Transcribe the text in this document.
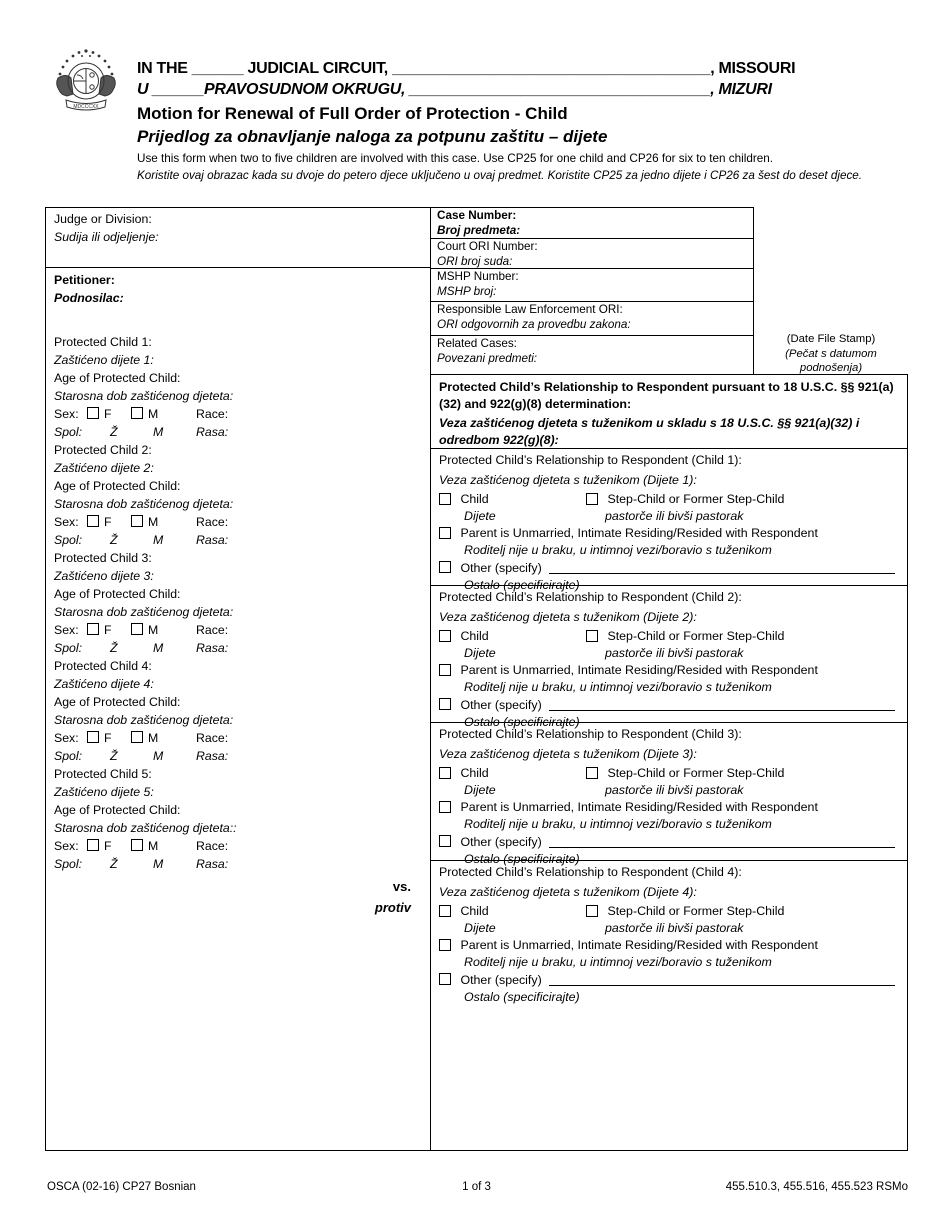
MDCCCXX
IN THE ______ JUDICIAL CIRCUIT, _____________________________________, MISSOURI
U ______PRAVOSUDNOM OKRUGU, ___________________________________, MIZURI
Motion for Renewal of Full Order of Protection - Child
Prijedlog za obnavljanje naloga za potpunu zaštitu – dijete
Use this form when two to five children are involved with this case. Use CP25 for one child and CP26 for six to ten children.
Koristite ovaj obrazac kada su dvoje do petero djece uključeno u ovaj predmet. Koristite CP25 za jedno dijete i CP26 za šest do deset djece.
Judge or Division:
Sudija ili odjeljenje:
Petitioner:
Podnosilac:
Protected Child 1:
Zaštićeno dijete 1:
Age of Protected Child:
Starosna dob zaštićenog djeteta:
Sex: F	M	Race:
Spol: Ž	M	Rasa:
Protected Child 2:
Zaštićeno dijete 2:
Age of Protected Child:
Starosna dob zaštićenog djeteta:
Sex: F	M	Race:
Spol: Ž	M	Rasa:
Protected Child 3:
Zaštićeno dijete 3:
Age of Protected Child:
Starosna dob zaštićenog djeteta:
Sex: F	M	Race:
Spol: Ž	M	Rasa:
Protected Child 4:
Zaštićeno dijete 4:
Age of Protected Child:
Starosna dob zaštićenog djeteta:
Sex: F	M	Race:
Spol: Ž	M	Rasa:
Protected Child 5:
Zaštićeno dijete 5:
Age of Protected Child:
Starosna dob zaštićenog djeteta::
Sex: F	M	Race:
Spol: Ž	M	Rasa:
vs.
protiv
Case Number:
Broj predmeta:
Court ORI Number:
ORI broj suda:
MSHP Number:
MSHP broj:
Responsible Law Enforcement ORI:
ORI odgovornih za provedbu zakona:
Related Cases:
Povezani predmeti:
(Date File Stamp)
(Pečat s datumom
podnošenja)
Protected Child’s Relationship to Respondent pursuant to 18 U.S.C. §§ 921(a)(32) and 922(g)(8) determination:
Veza zaštićenog djeteta s tuženikom u skladu s 18 U.S.C. §§ 921(a)(32) i odredbom 922(g)(8):
Protected Child’s Relationship to Respondent (Child 1):
Veza zaštićenog djeteta s tuženikom (Dijete 1):
Child	Step-Child or Former Step-Child
Dijete	pastorče ili bivši pastorak
Parent is Unmarried, Intimate Residing/Resided with Respondent
Roditelj nije u braku, u intimnoj vezi/boravio s tuženikom
Other (specify)
Ostalo (specificirajte)
Protected Child’s Relationship to Respondent (Child 2):
Veza zaštićenog djeteta s tuženikom (Dijete 2):
Child	Step-Child or Former Step-Child
Dijete	pastorče ili bivši pastorak
Parent is Unmarried, Intimate Residing/Resided with Respondent
Roditelj nije u braku, u intimnoj vezi/boravio s tuženikom
Other (specify)
Ostalo (specificirajte)
Protected Child’s Relationship to Respondent (Child 3):
Veza zaštićenog djeteta s tuženikom (Dijete 3):
Child	Step-Child or Former Step-Child
Dijete	pastorče ili bivši pastorak
Parent is Unmarried, Intimate Residing/Resided with Respondent
Roditelj nije u braku, u intimnoj vezi/boravio s tuženikom
Other (specify)
Ostalo (specificirajte)
Protected Child’s Relationship to Respondent (Child 4):
Veza zaštićenog djeteta s tuženikom (Dijete 4):
Child	Step-Child or Former Step-Child
Dijete	pastorče ili bivši pastorak
Parent is Unmarried, Intimate Residing/Resided with Respondent
Roditelj nije u braku, u intimnoj vezi/boravio s tuženikom
Other (specify)
Ostalo (specificirajte)
OSCA (02-16) CP27 Bosnian	1 of 3	455.510.3, 455.516, 455.523 RSMo
